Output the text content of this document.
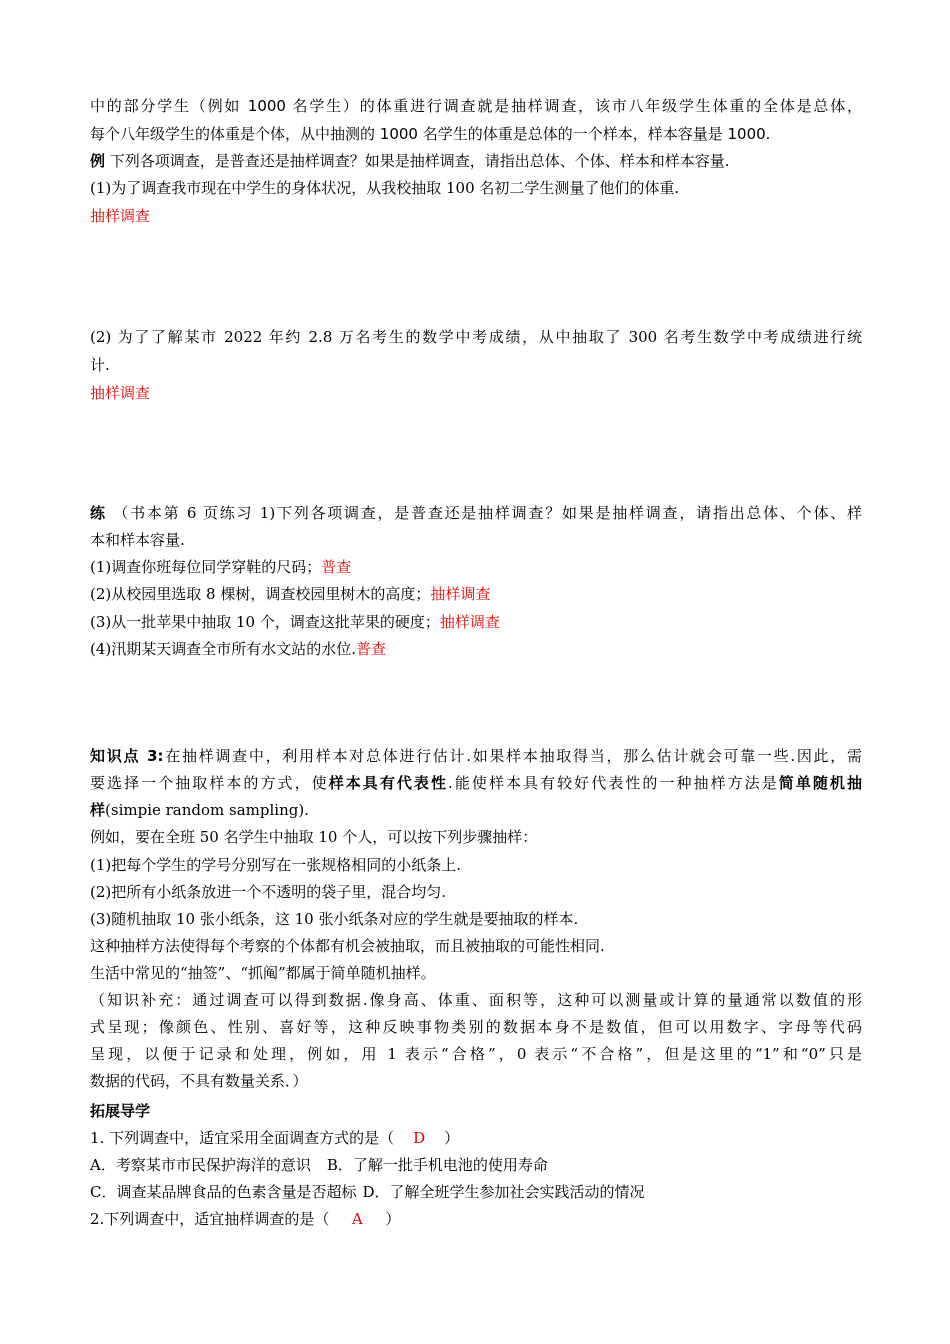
中的部分学生（例如 1000 名学生）的体重进行调查就是抽样调查，该市八年级学生体重的全体是总体，
每个八年级学生的体重是个体，从中抽测的 1000 名学生的体重是总体的一个样本，样本容量是 1000.
例 下列各项调查，是普查还是抽样调查？如果是抽样调查，请指出总体、个体、样本和样本容量.
(1)为了调查我市现在中学生的身体状况，从我校抽取 100 名初二学生测量了他们的体重.
抽样调查
(2) 为了了解某市 2022 年约 2.8 万名考生的数学中考成绩，从中抽取了 300 名考生数学中考成绩进行统
计.
抽样调查
练 （书本第 6 页练习 1)下列各项调查，是普查还是抽样调查？如果是抽样调查，请指出总体、个体、样
本和样本容量.
(1)调查你班每位同学穿鞋的尺码；普查
(2)从校园里选取 8 棵树，调查校园里树木的高度；抽样调查
(3)从一批苹果中抽取 10 个，调查这批苹果的硬度；抽样调查
(4)汛期某天调查全市所有水文站的水位.普查
知识点 3:在抽样调查中，利用样本对总体进行估计.如果样本抽取得当，那么估计就会可靠一些.因此，需
要选择一个抽取样本的方式，使样本具有代表性.能使样本具有较好代表性的一种抽样方法是简单随机抽
样(simpie random sampling).
例如，要在全班 50 名学生中抽取 10 个人，可以按下列步骤抽样：
(1)把每个学生的学号分别写在一张规格相同的小纸条上.
(2)把所有小纸条放进一个不透明的袋子里，混合均匀.
(3)随机抽取 10 张小纸条，这 10 张小纸条对应的学生就是要抽取的样本.
这种抽样方法使得每个考察的个体都有机会被抽取，而且被抽取的可能性相同.
生活中常见的“抽签”、“抓阄”都属于简单随机抽样。
（知识补充：通过调查可以得到数据.像身高、体重、面积等，这种可以测量或计算的量通常以数值的形
式呈现；像颜色、性别、喜好等，这种反映事物类别的数据本身不是数值，但可以用数字、字母等代码
呈现，以便于记录和处理，例如，用 1 表示“合格”，0 表示“不合格”，但是这里的“1”和“0”只是
数据的代码，不具有数量关系．）
拓展导学
1. 下列调查中，适宜采用全面调查方式的是（ D ）
A．考察某市市民保护海洋的意识 B．了解一批手机电池的使用寿命
C．调查某品牌食品的色素含量是否超标 D．了解全班学生参加社会实践活动的情况
2.下列调查中，适宜抽样调查的是（ A ）
